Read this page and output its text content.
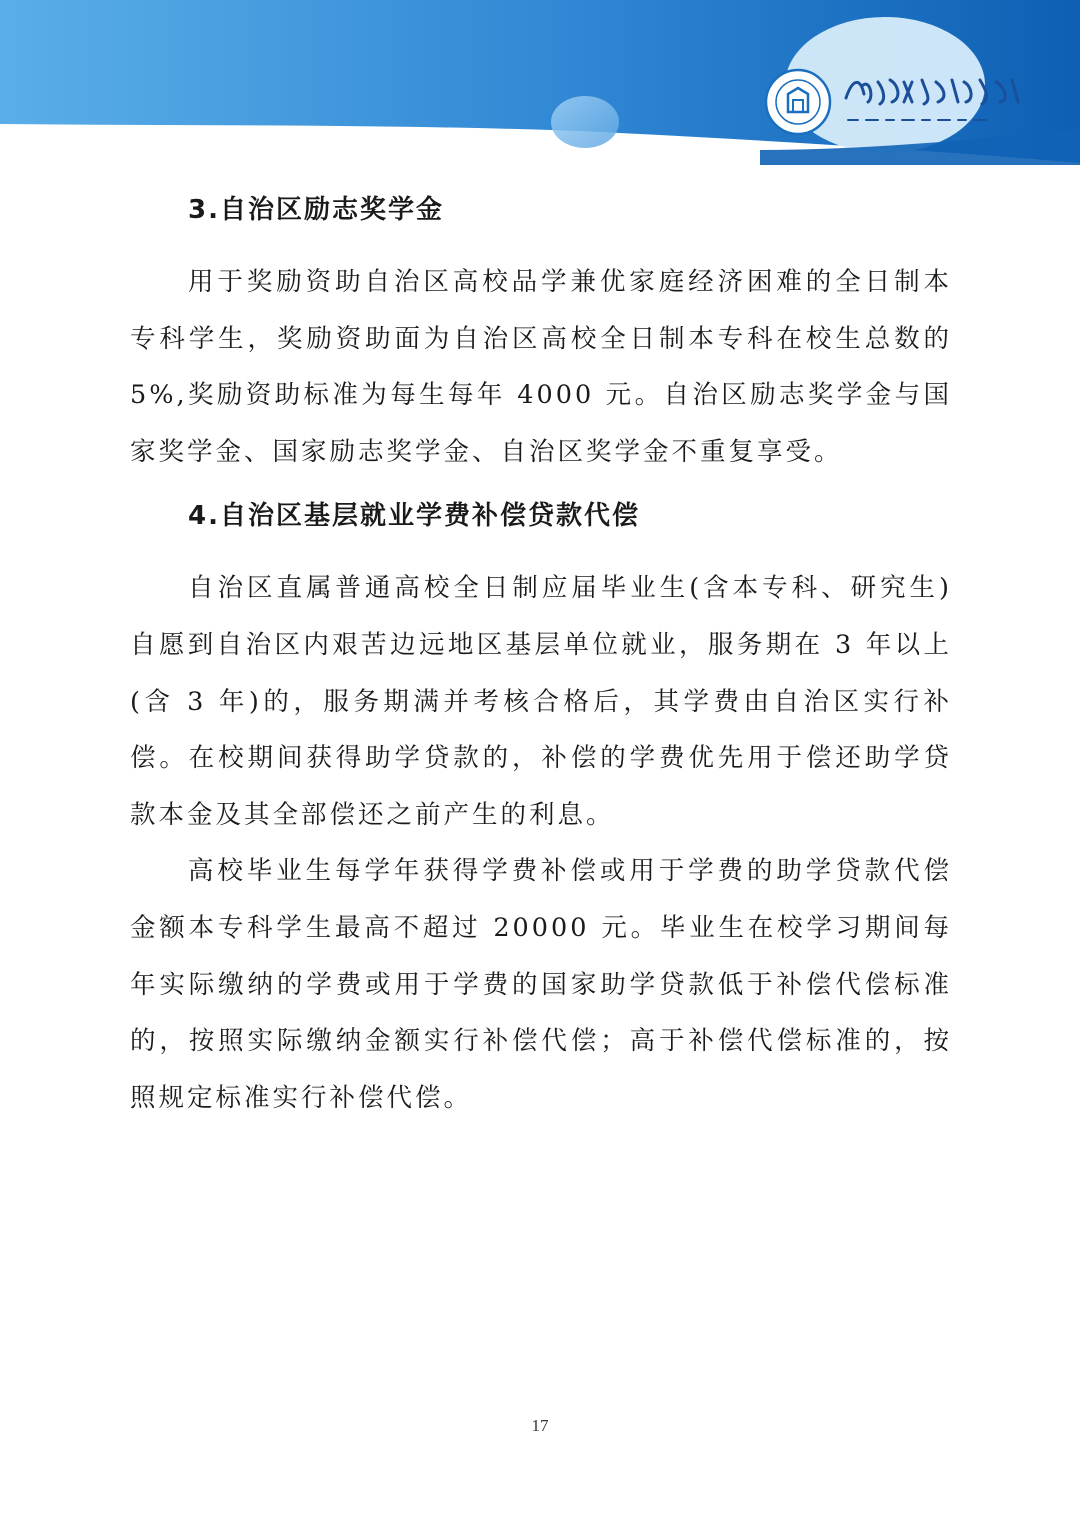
3.自治区励志奖学金

用于奖励资助自治区高校品学兼优家庭经济困难的全日制本专科学生，奖励资助面为自治区高校全日制本专科在校生总数的5%,奖励资助标准为每生每年 4000 元。自治区励志奖学金与国家奖学金、国家励志奖学金、自治区奖学金不重复享受。

4.自治区基层就业学费补偿贷款代偿

自治区直属普通高校全日制应届毕业生(含本专科、研究生)自愿到自治区内艰苦边远地区基层单位就业，服务期在 3 年以上(含 3 年)的，服务期满并考核合格后，其学费由自治区实行补偿。在校期间获得助学贷款的，补偿的学费优先用于偿还助学贷款本金及其全部偿还之前产生的利息。

高校毕业生每学年获得学费补偿或用于学费的助学贷款代偿金额本专科学生最高不超过 20000 元。毕业生在校学习期间每年实际缴纳的学费或用于学费的国家助学贷款低于补偿代偿标准的，按照实际缴纳金额实行补偿代偿；高于补偿代偿标准的，按照规定标准实行补偿代偿。

17
